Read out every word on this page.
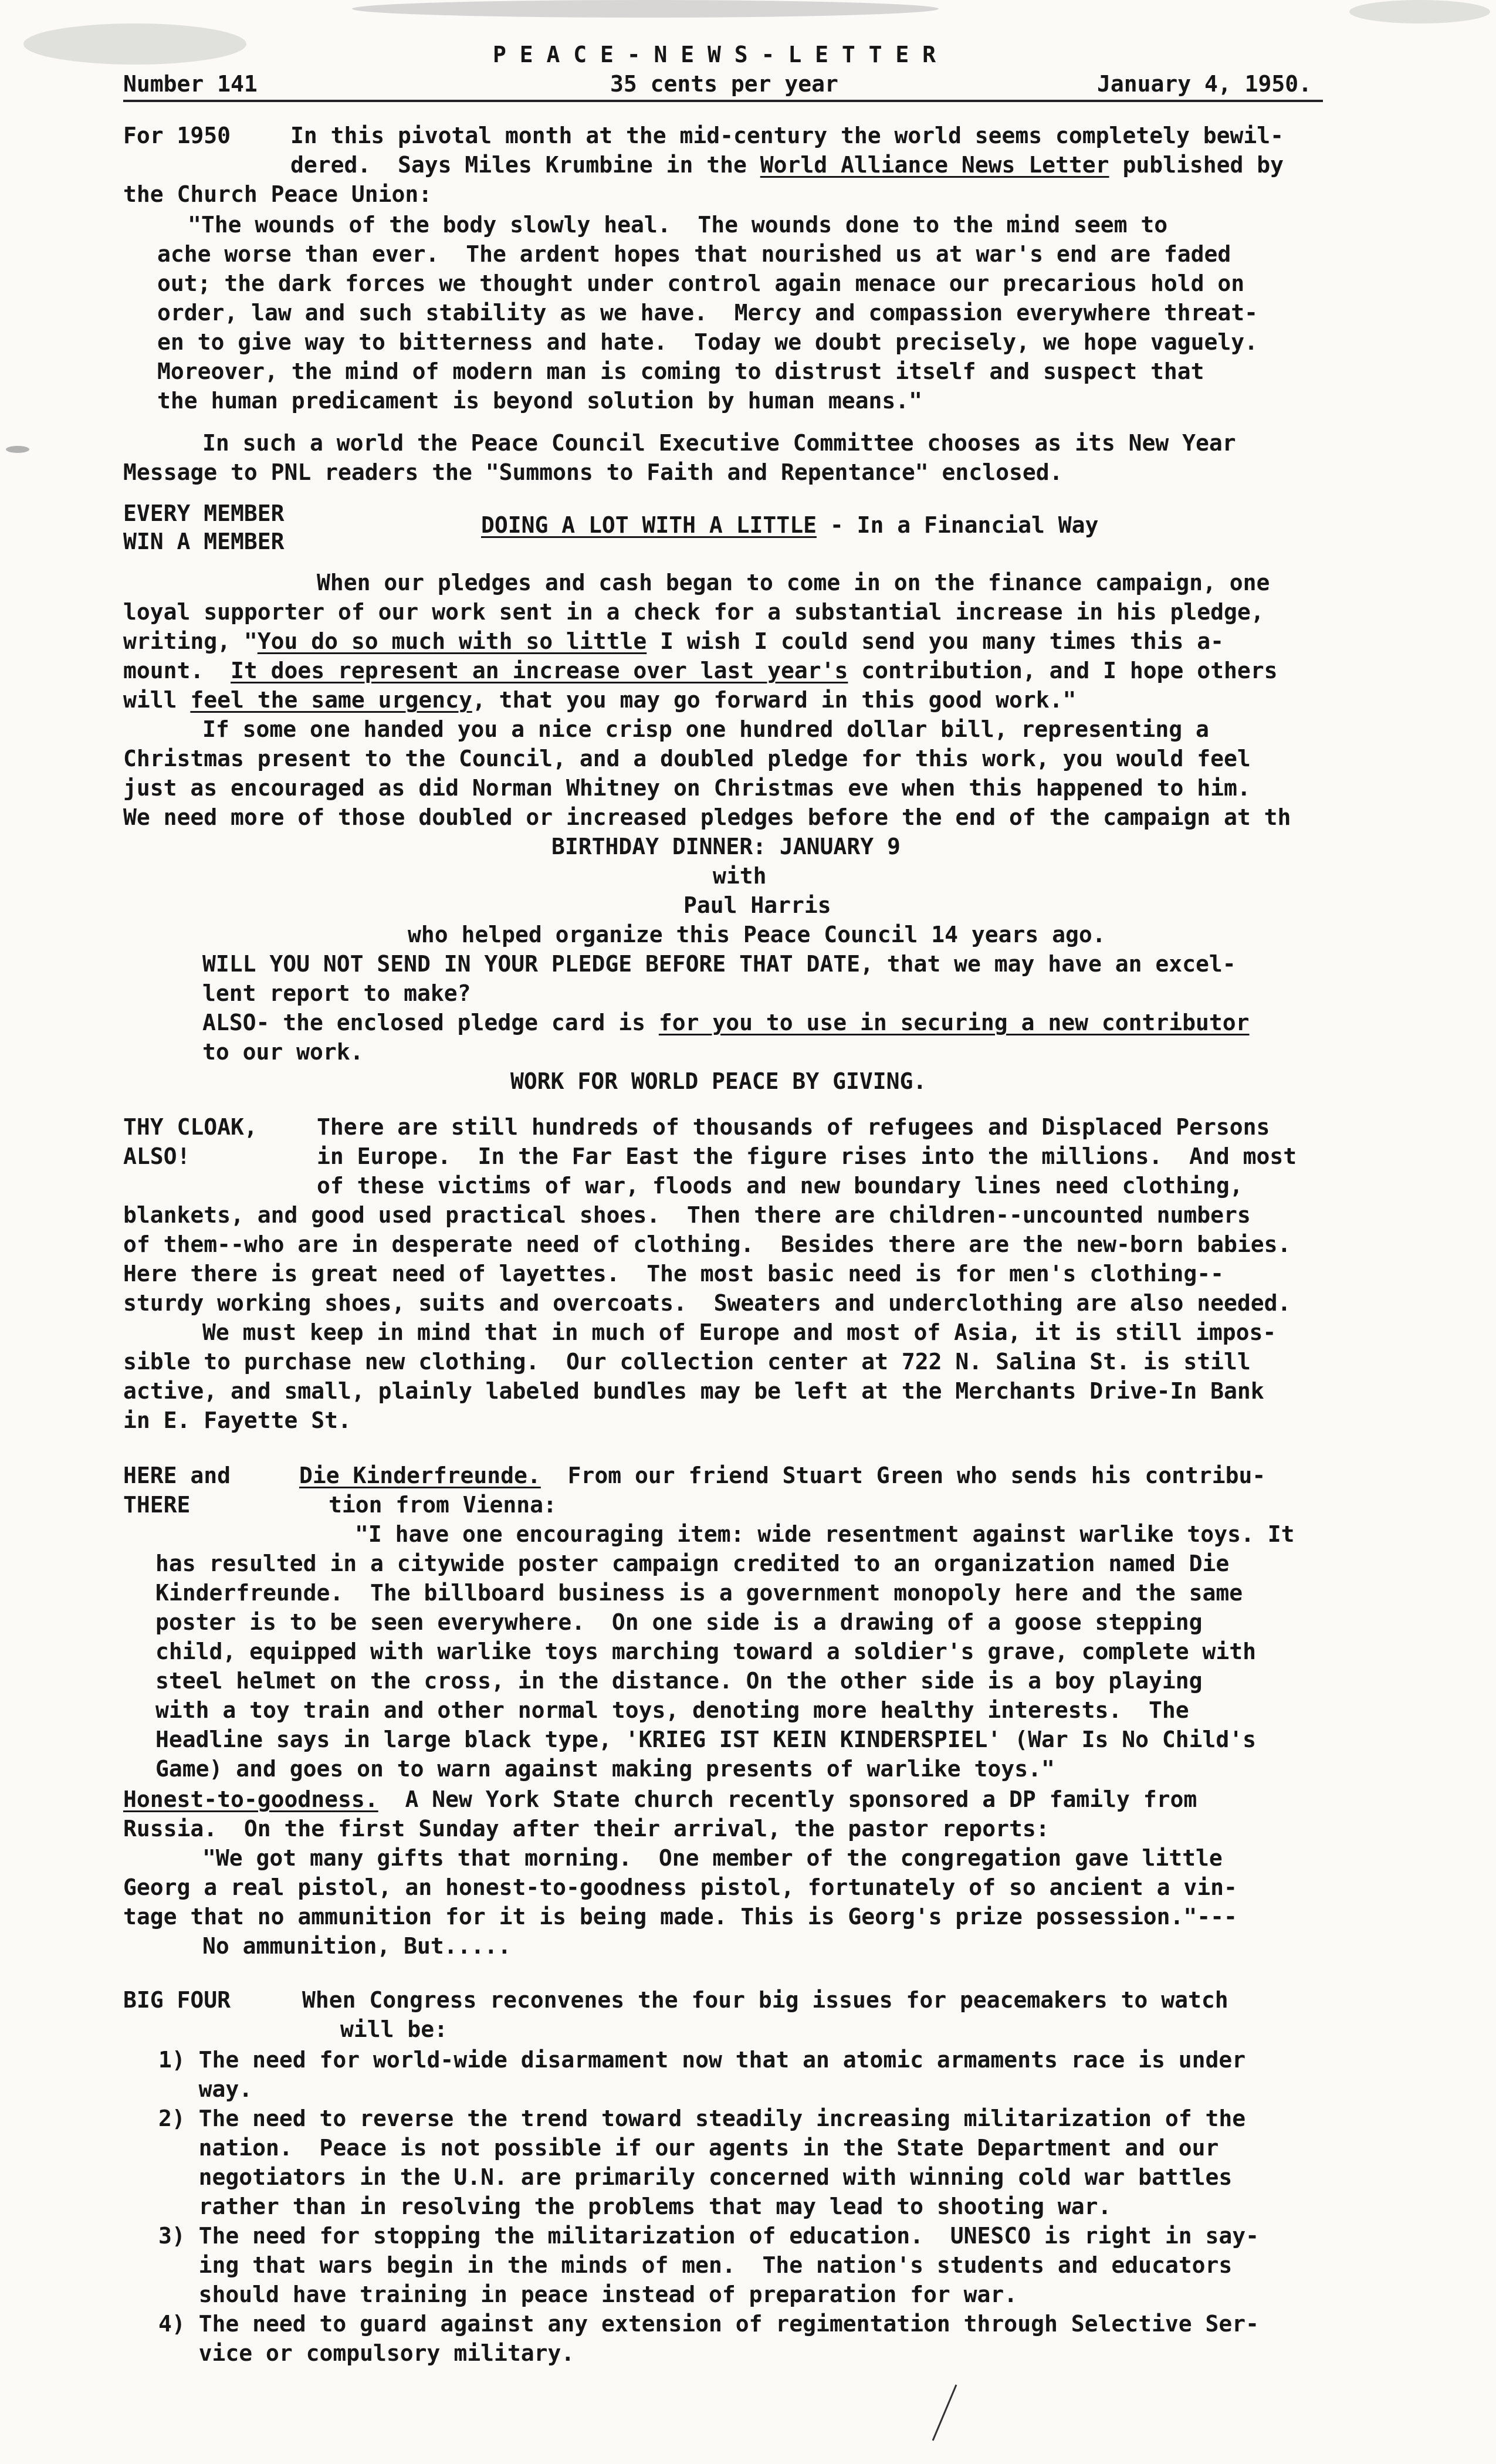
P E A C E - N E W S - L E T T E R
Number 141	35 cents per year	January 4, 1950.
For 1950	In this pivotal month at the mid-century the world seems completely bewil-
dered.  Says Miles Krumbine in the World Alliance News Letter published by
the Church Peace Union:
"The wounds of the body slowly heal.  The wounds done to the mind seem to
ache worse than ever.  The ardent hopes that nourished us at war's end are faded
out; the dark forces we thought under control again menace our precarious hold on
order, law and such stability as we have.  Mercy and compassion everywhere threat-
en to give way to bitterness and hate.  Today we doubt precisely, we hope vaguely.
Moreover, the mind of modern man is coming to distrust itself and suspect that
the human predicament is beyond solution by human means."
In such a world the Peace Council Executive Committee chooses as its New Year
Message to PNL readers the "Summons to Faith and Repentance" enclosed.
EVERY MEMBER
WIN A MEMBER
DOING A LOT WITH A LITTLE - In a Financial Way
When our pledges and cash began to come in on the finance campaign, one
loyal supporter of our work sent in a check for a substantial increase in his pledge,
writing, "You do so much with so little I wish I could send you many times this a-
mount.  It does represent an increase over last year's contribution, and I hope others
will feel the same urgency, that you may go forward in this good work."
If some one handed you a nice crisp one hundred dollar bill, representing a
Christmas present to the Council, and a doubled pledge for this work, you would feel
just as encouraged as did Norman Whitney on Christmas eve when this happened to him.
We need more of those doubled or increased pledges before the end of the campaign at th
BIRTHDAY DINNER: JANUARY 9
with
Paul Harris
who helped organize this Peace Council 14 years ago.
WILL YOU NOT SEND IN YOUR PLEDGE BEFORE THAT DATE, that we may have an excel-
lent report to make?
ALSO- the enclosed pledge card is for you to use in securing a new contributor
to our work.
WORK FOR WORLD PEACE BY GIVING.
THY CLOAK,
ALSO!
There are still hundreds of thousands of refugees and Displaced Persons
in Europe.  In the Far East the figure rises into the millions.  And most
of these victims of war, floods and new boundary lines need clothing,
blankets, and good used practical shoes.  Then there are children--uncounted numbers
of them--who are in desperate need of clothing.  Besides there are the new-born babies.
Here there is great need of layettes.  The most basic need is for men's clothing--
sturdy working shoes, suits and overcoats.  Sweaters and underclothing are also needed.
We must keep in mind that in much of Europe and most of Asia, it is still impos-
sible to purchase new clothing.  Our collection center at 722 N. Salina St. is still
active, and small, plainly labeled bundles may be left at the Merchants Drive-In Bank
in E. Fayette St.
HERE and
THERE
Die Kinderfreunde.  From our friend Stuart Green who sends his contribu-
tion from Vienna:
"I have one encouraging item: wide resentment against warlike toys. It
has resulted in a citywide poster campaign credited to an organization named Die
Kinderfreunde.  The billboard business is a government monopoly here and the same
poster is to be seen everywhere.  On one side is a drawing of a goose stepping
child, equipped with warlike toys marching toward a soldier's grave, complete with
steel helmet on the cross, in the distance. On the other side is a boy playing
with a toy train and other normal toys, denoting more healthy interests.  The
Headline says in large black type, 'KRIEG IST KEIN KINDERSPIEL' (War Is No Child's
Game) and goes on to warn against making presents of warlike toys."
Honest-to-goodness.  A New York State church recently sponsored a DP family from
Russia.  On the first Sunday after their arrival, the pastor reports:
"We got many gifts that morning.  One member of the congregation gave little
Georg a real pistol, an honest-to-goodness pistol, fortunately of so ancient a vin-
tage that no ammunition for it is being made. This is Georg's prize possession."---
No ammunition, But.....
BIG FOUR	When Congress reconvenes the four big issues for peacemakers to watch
will be:
1) The need for world-wide disarmament now that an atomic armaments race is under
way.
2) The need to reverse the trend toward steadily increasing militarization of the
nation.  Peace is not possible if our agents in the State Department and our
negotiators in the U.N. are primarily concerned with winning cold war battles
rather than in resolving the problems that may lead to shooting war.
3) The need for stopping the militarization of education.  UNESCO is right in say-
ing that wars begin in the minds of men.  The nation's students and educators
should have training in peace instead of preparation for war.
4) The need to guard against any extension of regimentation through Selective Ser-
vice or compulsory military.
